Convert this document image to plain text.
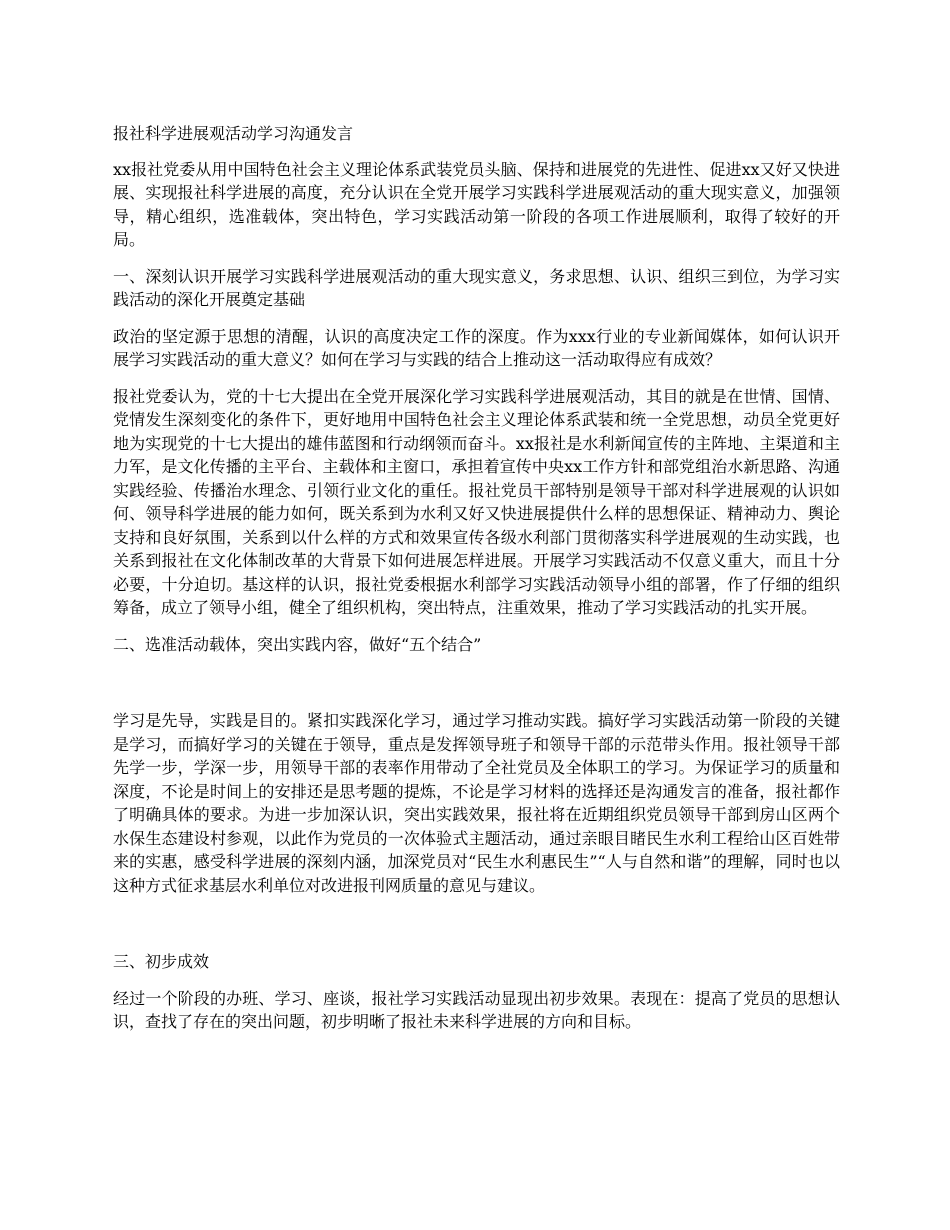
报社科学进展观活动学习沟通发言

xx报社党委从用中国特色社会主义理论体系武装党员头脑、保持和进展党的先进性、促进xx又好又快进展、实现报社科学进展的高度，充分认识在全党开展学习实践科学进展观活动的重大现实意义，加强领导，精心组织，选准载体，突出特色，学习实践活动第一阶段的各项工作进展顺利，取得了较好的开局。

一、深刻认识开展学习实践科学进展观活动的重大现实意义，务求思想、认识、组织三到位，为学习实践活动的深化开展奠定基础

政治的坚定源于思想的清醒，认识的高度决定工作的深度。作为xxx行业的专业新闻媒体，如何认识开展学习实践活动的重大意义？如何在学习与实践的结合上推动这一活动取得应有成效？

报社党委认为，党的十七大提出在全党开展深化学习实践科学进展观活动，其目的就是在世情、国情、党情发生深刻变化的条件下，更好地用中国特色社会主义理论体系武装和统一全党思想，动员全党更好地为实现党的十七大提出的雄伟蓝图和行动纲领而奋斗。xx报社是水利新闻宣传的主阵地、主渠道和主力军，是文化传播的主平台、主载体和主窗口，承担着宣传中央xx工作方针和部党组治水新思路、沟通实践经验、传播治水理念、引领行业文化的重任。报社党员干部特别是领导干部对科学进展观的认识如何、领导科学进展的能力如何，既关系到为水利又好又快进展提供什么样的思想保证、精神动力、舆论支持和良好氛围，关系到以什么样的方式和效果宣传各级水利部门贯彻落实科学进展观的生动实践，也关系到报社在文化体制改革的大背景下如何进展怎样进展。开展学习实践活动不仅意义重大，而且十分必要，十分迫切。基这样的认识，报社党委根据水利部学习实践活动领导小组的部署，作了仔细的组织筹备，成立了领导小组，健全了组织机构，突出特点，注重效果，推动了学习实践活动的扎实开展。

二、选准活动载体，突出实践内容，做好“五个结合”

学习是先导，实践是目的。紧扣实践深化学习，通过学习推动实践。搞好学习实践活动第一阶段的关键是学习，而搞好学习的关键在于领导，重点是发挥领导班子和领导干部的示范带头作用。报社领导干部先学一步，学深一步，用领导干部的表率作用带动了全社党员及全体职工的学习。为保证学习的质量和深度，不论是时间上的安排还是思考题的提炼，不论是学习材料的选择还是沟通发言的准备，报社都作了明确具体的要求。为进一步加深认识，突出实践效果，报社将在近期组织党员领导干部到房山区两个水保生态建设村参观，以此作为党员的一次体验式主题活动，通过亲眼目睹民生水利工程给山区百姓带来的实惠，感受科学进展的深刻内涵，加深党员对“民生水利惠民生”“人与自然和谐”的理解，同时也以这种方式征求基层水利单位对改进报刊网质量的意见与建议。

三、初步成效

经过一个阶段的办班、学习、座谈，报社学习实践活动显现出初步效果。表现在：提高了党员的思想认识，查找了存在的突出问题，初步明晰了报社未来科学进展的方向和目标。
